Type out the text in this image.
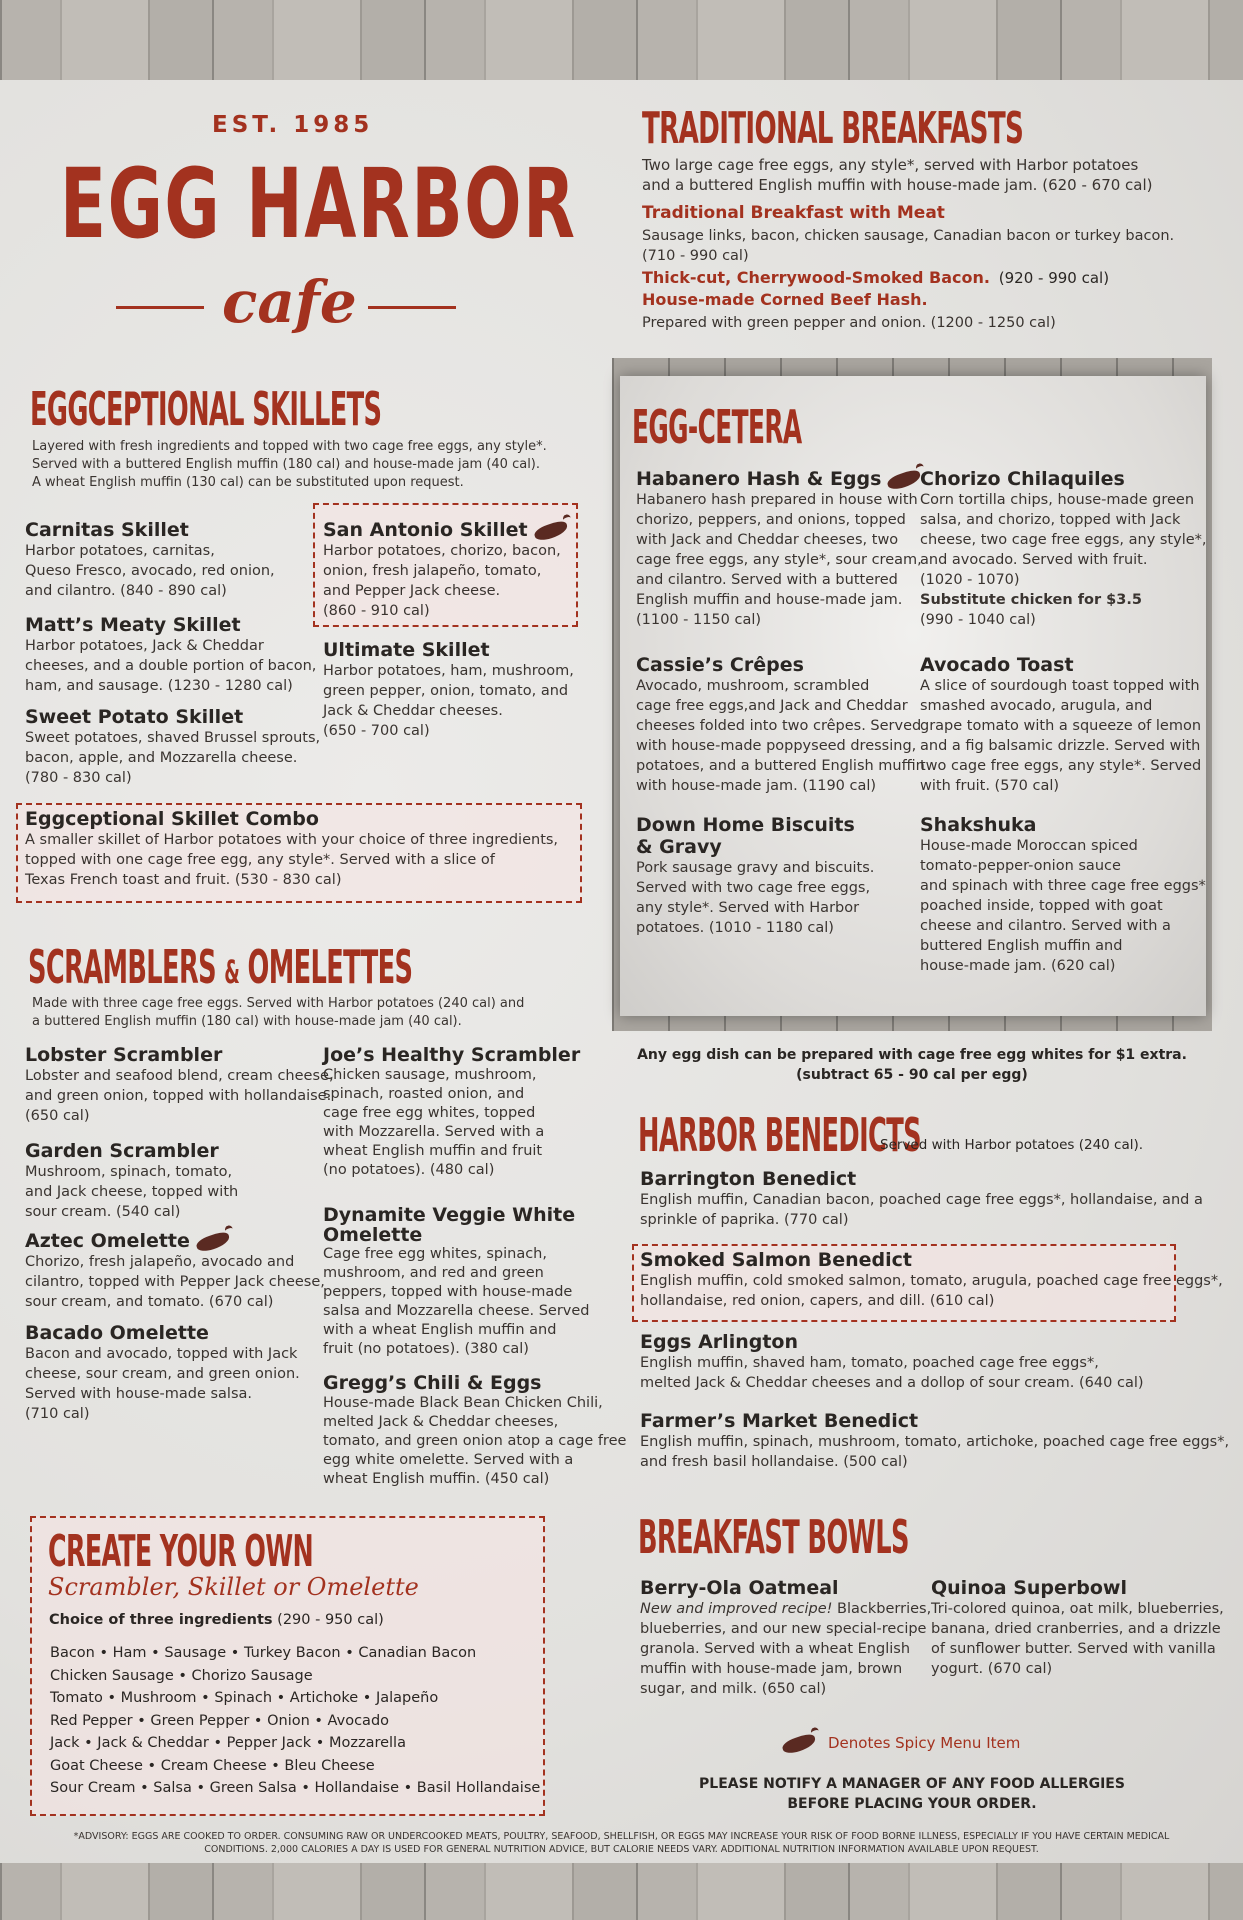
EST. 1985
EGG HARBOR
cafe
TRADITIONAL BREAKFASTS
Two large cage free eggs, any style*, served with Harbor potatoes
and a buttered English muffin with house-made jam. (620 - 670 cal)
Traditional Breakfast with Meat
Sausage links, bacon, chicken sausage, Canadian bacon or turkey bacon.
(710 - 990 cal)
Thick-cut, Cherrywood-Smoked Bacon. (920 - 990 cal)
House-made Corned Beef Hash.
Prepared with green pepper and onion. (1200 - 1250 cal)
EGGCEPTIONAL SKILLETS
Layered with fresh ingredients and topped with two cage free eggs, any style*.
Served with a buttered English muffin (180 cal) and house-made jam (40 cal).
A wheat English muffin (130 cal) can be substituted upon request.
Carnitas Skillet
Harbor potatoes, carnitas,
Queso Fresco, avocado, red onion,
and cilantro. (840 - 890 cal)
San Antonio Skillet
Harbor potatoes, chorizo, bacon,
onion, fresh jalapeño, tomato,
and Pepper Jack cheese.
(860 - 910 cal)
Matt’s Meaty Skillet
Harbor potatoes, Jack & Cheddar
cheeses, and a double portion of bacon,
ham, and sausage. (1230 - 1280 cal)
Ultimate Skillet
Harbor potatoes, ham, mushroom,
green pepper, onion, tomato, and
Jack & Cheddar cheeses.
(650 - 700 cal)
Sweet Potato Skillet
Sweet potatoes, shaved Brussel sprouts,
bacon, apple, and Mozzarella cheese.
(780 - 830 cal)
Eggceptional Skillet Combo
A smaller skillet of Harbor potatoes with your choice of three ingredients,
topped with one cage free egg, any style*. Served with a slice of
Texas French toast and fruit. (530 - 830 cal)
EGG-CETERA
Habanero Hash & Eggs
Habanero hash prepared in house with
chorizo, peppers, and onions, topped
with Jack and Cheddar cheeses, two
cage free eggs, any style*, sour cream,
and cilantro. Served with a buttered
English muffin and house-made jam.
(1100 - 1150 cal)
Chorizo Chilaquiles
Corn tortilla chips, house-made green
salsa, and chorizo, topped with Jack
cheese, two cage free eggs, any style*,
and avocado. Served with fruit.
(1020 - 1070)
Substitute chicken for $3.5
(990 - 1040 cal)
Cassie’s Crêpes
Avocado, mushroom, scrambled
cage free eggs,and Jack and Cheddar
cheeses folded into two crêpes. Served
with house-made poppyseed dressing,
potatoes, and a buttered English muffin
with house-made jam. (1190 cal)
Avocado Toast
A slice of sourdough toast topped with
smashed avocado, arugula, and
grape tomato with a squeeze of lemon
and a fig balsamic drizzle. Served with
two cage free eggs, any style*. Served
with fruit. (570 cal)
Down Home Biscuits
& Gravy
Pork sausage gravy and biscuits.
Served with two cage free eggs,
any style*. Served with Harbor
potatoes. (1010 - 1180 cal)
Shakshuka
House-made Moroccan spiced
tomato-pepper-onion sauce
and spinach with three cage free eggs*
poached inside, topped with goat
cheese and cilantro. Served with a
buttered English muffin and
house-made jam. (620 cal)
Any egg dish can be prepared with cage free egg whites for $1 extra.
(subtract 65 - 90 cal per egg)
SCRAMBLERS & OMELETTES
Made with three cage free eggs. Served with Harbor potatoes (240 cal) and
a buttered English muffin (180 cal) with house-made jam (40 cal).
Lobster Scrambler
Lobster and seafood blend, cream cheese,
and green onion, topped with hollandaise.
(650 cal)
Joe’s Healthy Scrambler
Chicken sausage, mushroom,
spinach, roasted onion, and
cage free egg whites, topped
with Mozzarella. Served with a
wheat English muffin and fruit
(no potatoes). (480 cal)
Garden Scrambler
Mushroom, spinach, tomato,
and Jack cheese, topped with
sour cream. (540 cal)	Dynamite Veggie White
Omelette
Cage free egg whites, spinach,
mushroom, and red and green
peppers, topped with house-made
salsa and Mozzarella cheese. Served
with a wheat English muffin and
fruit (no potatoes). (380 cal)
Aztec Omelette
Chorizo, fresh jalapeño, avocado and
cilantro, topped with Pepper Jack cheese,
sour cream, and tomato. (670 cal)
Bacado Omelette
Bacon and avocado, topped with Jack
cheese, sour cream, and green onion.
Served with house-made salsa.
(710 cal)
Gregg’s Chili & Eggs
House-made Black Bean Chicken Chili,
melted Jack & Cheddar cheeses,
tomato, and green onion atop a cage free
egg white omelette. Served with a
wheat English muffin. (450 cal)
HARBOR BENEDICTS
Served with Harbor potatoes (240 cal).
Barrington Benedict
English muffin, Canadian bacon, poached cage free eggs*, hollandaise, and a
sprinkle of paprika. (770 cal)
Smoked Salmon Benedict
English muffin, cold smoked salmon, tomato, arugula, poached cage free eggs*,
hollandaise, red onion, capers, and dill. (610 cal)
Eggs Arlington
English muffin, shaved ham, tomato, poached cage free eggs*,
melted Jack & Cheddar cheeses and a dollop of sour cream. (640 cal)
Farmer’s Market Benedict
English muffin, spinach, mushroom, tomato, artichoke, poached cage free eggs*,
and fresh basil hollandaise. (500 cal)
BREAKFAST BOWLS
Berry-Ola Oatmeal
New and improved recipe! Blackberries,
blueberries, and our new special-recipe
granola. Served with a wheat English
muffin with house-made jam, brown
sugar, and milk. (650 cal)
Quinoa Superbowl
Tri-colored quinoa, oat milk, blueberries,
banana, dried cranberries, and a drizzle
of sunflower butter. Served with vanilla
yogurt. (670 cal)
Denotes Spicy Menu Item
PLEASE NOTIFY A MANAGER OF ANY FOOD ALLERGIES
BEFORE PLACING YOUR ORDER.
CREATE YOUR OWN
Scrambler, Skillet or Omelette
Choice of three ingredients (290 - 950 cal)
Bacon • Ham • Sausage • Turkey Bacon • Canadian Bacon
Chicken Sausage • Chorizo Sausage
Tomato • Mushroom • Spinach • Artichoke • Jalapeño
Red Pepper • Green Pepper • Onion • Avocado
Jack • Jack & Cheddar • Pepper Jack • Mozzarella
Goat Cheese • Cream Cheese • Bleu Cheese
Sour Cream • Salsa • Green Salsa • Hollandaise • Basil Hollandaise
*ADVISORY: EGGS ARE COOKED TO ORDER. CONSUMING RAW OR UNDERCOOKED MEATS, POULTRY, SEAFOOD, SHELLFISH, OR EGGS MAY INCREASE YOUR RISK OF FOOD BORNE ILLNESS, ESPECIALLY IF YOU HAVE CERTAIN MEDICAL
CONDITIONS. 2,000 CALORIES A DAY IS USED FOR GENERAL NUTRITION ADVICE, BUT CALORIE NEEDS VARY. ADDITIONAL NUTRITION INFORMATION AVAILABLE UPON REQUEST.
